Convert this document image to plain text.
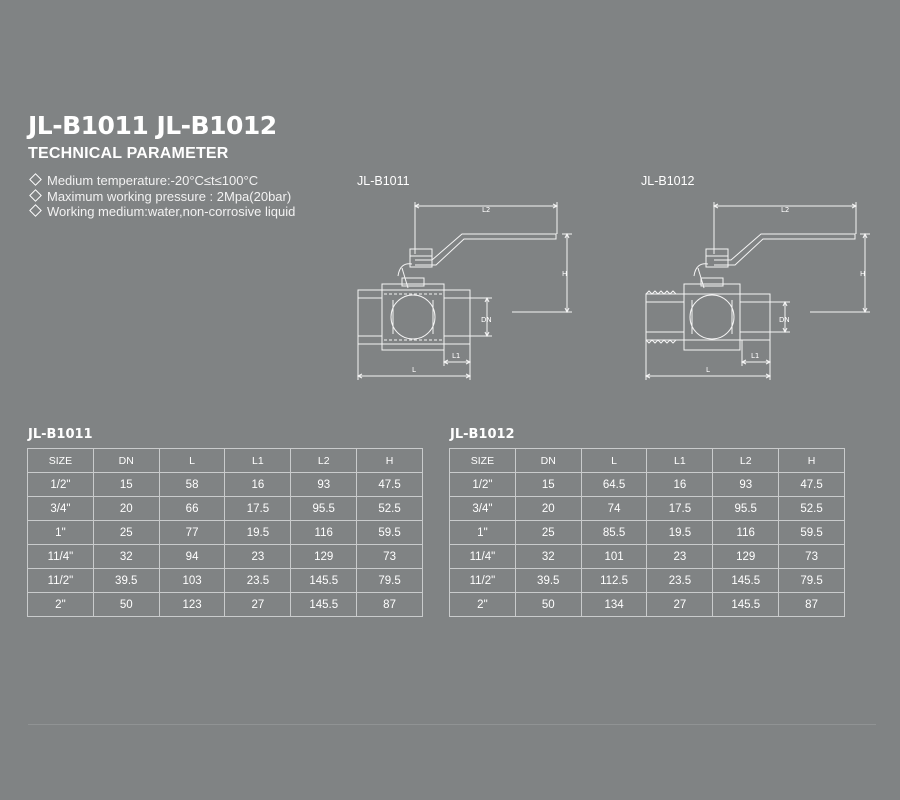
JL-B1011 JL-B1012
TECHNICAL PARAMETER
Medium temperature:-20°C≤t≤100°C
Maximum working pressure : 2Mpa(20bar)
Working medium:water,non-corrosive liquid
JL-B1011
L2
H
DN
L1
L
JL-B1012
L2
H
DN
L1
L
JL-B1011
SIZE	DN	L	L1	L2	H
1/2"	15	58	16	93	47.5
3/4"	20	66	17.5	95.5	52.5
1"	25	77	19.5	116	59.5
11/4"	32	94	23	129	73
11/2"	39.5	103	23.5	145.5	79.5
2"	50	123	27	145.5	87
JL-B1012
SIZE	DN	L	L1	L2	H
1/2"	15	64.5	16	93	47.5
3/4"	20	74	17.5	95.5	52.5
1"	25	85.5	19.5	116	59.5
11/4"	32	101	23	129	73
11/2"	39.5	112.5	23.5	145.5	79.5
2"	50	134	27	145.5	87
